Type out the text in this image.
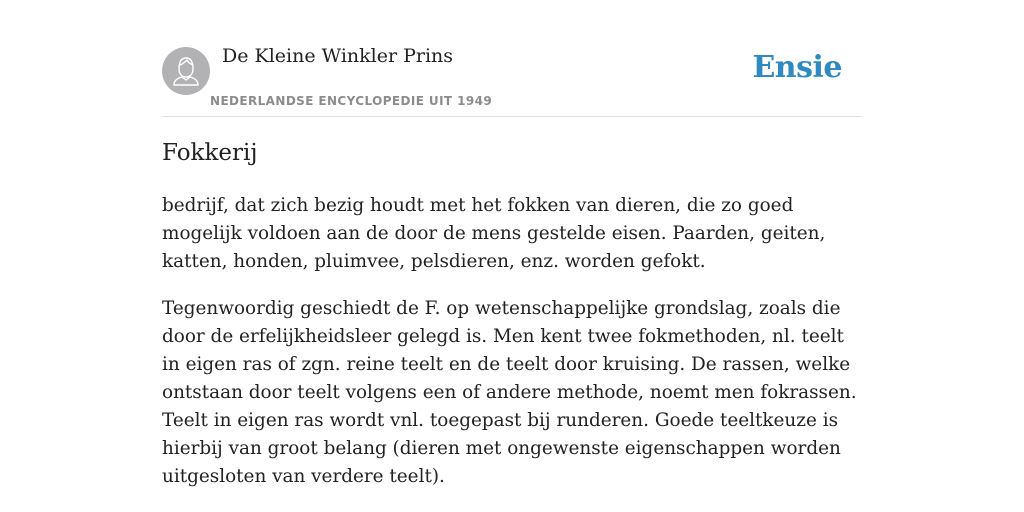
De Kleine Winkler Prins
NEDERLANDSE ENCYCLOPEDIE UIT 1949
Ensie
Fokkerij

bedrijf, dat zich bezig houdt met het fokken van dieren, die zo goed mogelijk voldoen aan de door de mens gestelde eisen. Paarden, geiten, katten, honden, pluimvee, pelsdieren, enz. worden gefokt.

Tegenwoordig geschiedt de F. op wetenschappelijke grondslag, zoals die door de erfelijkheidsleer gelegd is. Men kent twee fokmethoden, nl. teelt in eigen ras of zgn. reine teelt en de teelt door kruising. De rassen, welke ontstaan door teelt volgens een of andere methode, noemt men fokrassen. Teelt in eigen ras wordt vnl. toegepast bij runderen. Goede teeltkeuze is hierbij van groot belang (dieren met ongewenste eigenschappen worden uitgesloten van verdere teelt).
